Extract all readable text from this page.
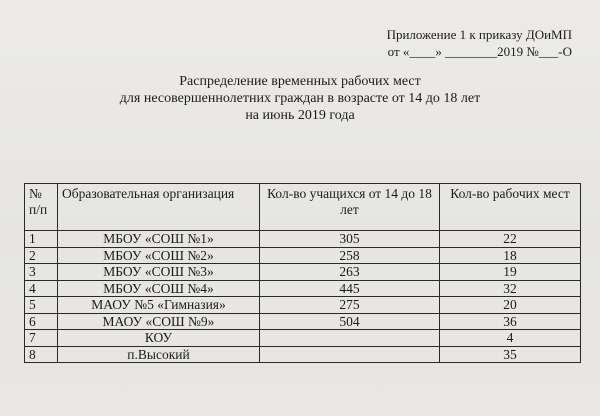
Приложение 1 к приказу ДОиМП
от «____» ________2019 №___-О
Распределение временных рабочих мест
для несовершеннолетних граждан в возрасте от 14 до 18 лет
на июнь 2019 года
№ п/п	Образовательная организация	Кол-во учащихся от 14 до 18 лет	Кол-во рабочих мест
1	МБОУ «СОШ №1»	305	22
2	МБОУ «СОШ №2»	258	18
3	МБОУ «СОШ №3»	263	19
4	МБОУ «СОШ №4»	445	32
5	МАОУ №5 «Гимназия»	275	20
6	МАОУ «СОШ №9»	504	36
7	КОУ		4
8	п.Высокий		35
